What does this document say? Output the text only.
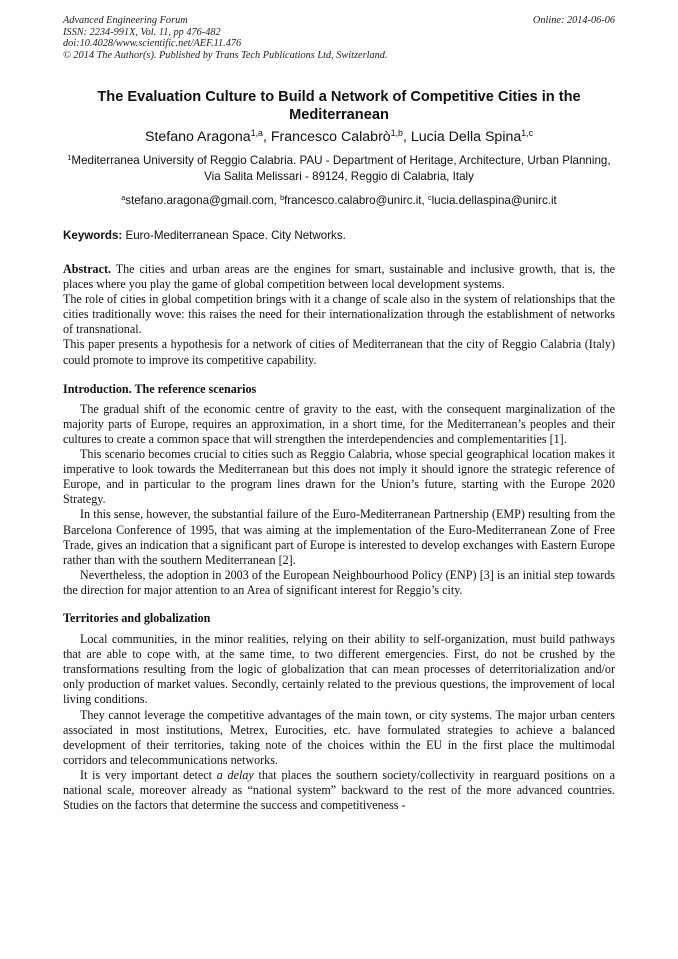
Advanced Engineering Forum
ISSN: 2234-991X, Vol. 11, pp 476-482
doi:10.4028/www.scientific.net/AEF.11.476
© 2014 The Author(s). Published by Trans Tech Publications Ltd, Switzerland.
Online: 2014-06-06
The Evaluation Culture to Build a Network of Competitive Cities in the Mediterranean
Stefano Aragona$^{1,a}$, Francesco Calabrò$^{1,b}$, Lucia Della Spina$^{1,c}$
$^1$Mediterranea University of Reggio Calabria. PAU - Department of Heritage, Architecture, Urban Planning, Via Salita Melissari - 89124, Reggio di Calabria, Italy
$^a$stefano.aragona@gmail.com, $^b$francesco.calabro@unirc.it, $^c$lucia.dellaspina@unirc.it
Keywords: Euro-Mediterranean Space. City Networks.

Abstract. The cities and urban areas are the engines for smart, sustainable and inclusive growth, that is, the places where you play the game of global competition between local development systems.

The role of cities in global competition brings with it a change of scale also in the system of relationships that the cities traditionally wove: this raises the need for their internationalization through the establishment of networks of transnational.

This paper presents a hypothesis for a network of cities of Mediterranean that the city of Reggio Calabria (Italy) could promote to improve its competitive capability.

Introduction. The reference scenarios

The gradual shift of the economic centre of gravity to the east, with the consequent marginalization of the majority parts of Europe, requires an approximation, in a short time, for the Mediterranean’s peoples and their cultures to create a common space that will strengthen the interdependencies and complementarities [1].

This scenario becomes crucial to cities such as Reggio Calabria, whose special geographical location makes it imperative to look towards the Mediterranean but this does not imply it should ignore the strategic reference of Europe, and in particular to the program lines drawn for the Union’s future, starting with the Europe 2020 Strategy.

In this sense, however, the substantial failure of the Euro-Mediterranean Partnership (EMP) resulting from the Barcelona Conference of 1995, that was aiming at the implementation of the Euro-Mediterranean Zone of Free Trade, gives an indication that a significant part of Europe is interested to develop exchanges with Eastern Europe rather than with the southern Mediterranean [2].

Nevertheless, the adoption in 2003 of the European Neighbourhood Policy (ENP) [3] is an initial step towards the direction for major attention to an Area of significant interest for Reggio’s city.

Territories and globalization

Local communities, in the minor realities, relying on their ability to self-organization, must build pathways that are able to cope with, at the same time, to two different emergencies. First, do not be crushed by the transformations resulting from the logic of globalization that can mean processes of deterritorialization and/or only production of market values. Secondly, certainly related to the previous questions, the improvement of local living conditions.

They cannot leverage the competitive advantages of the main town, or city systems. The major urban centers associated in most institutions, Metrex, Eurocities, etc. have formulated strategies to achieve a balanced development of their territories, taking note of the choices within the EU in the first place the multimodal corridors and telecommunications networks.

It is very important detect a delay that places the southern society/collectivity in rearguard positions on a national scale, moreover already as “national system” backward to the rest of the more advanced countries. Studies on the factors that determine the success and competitiveness -
